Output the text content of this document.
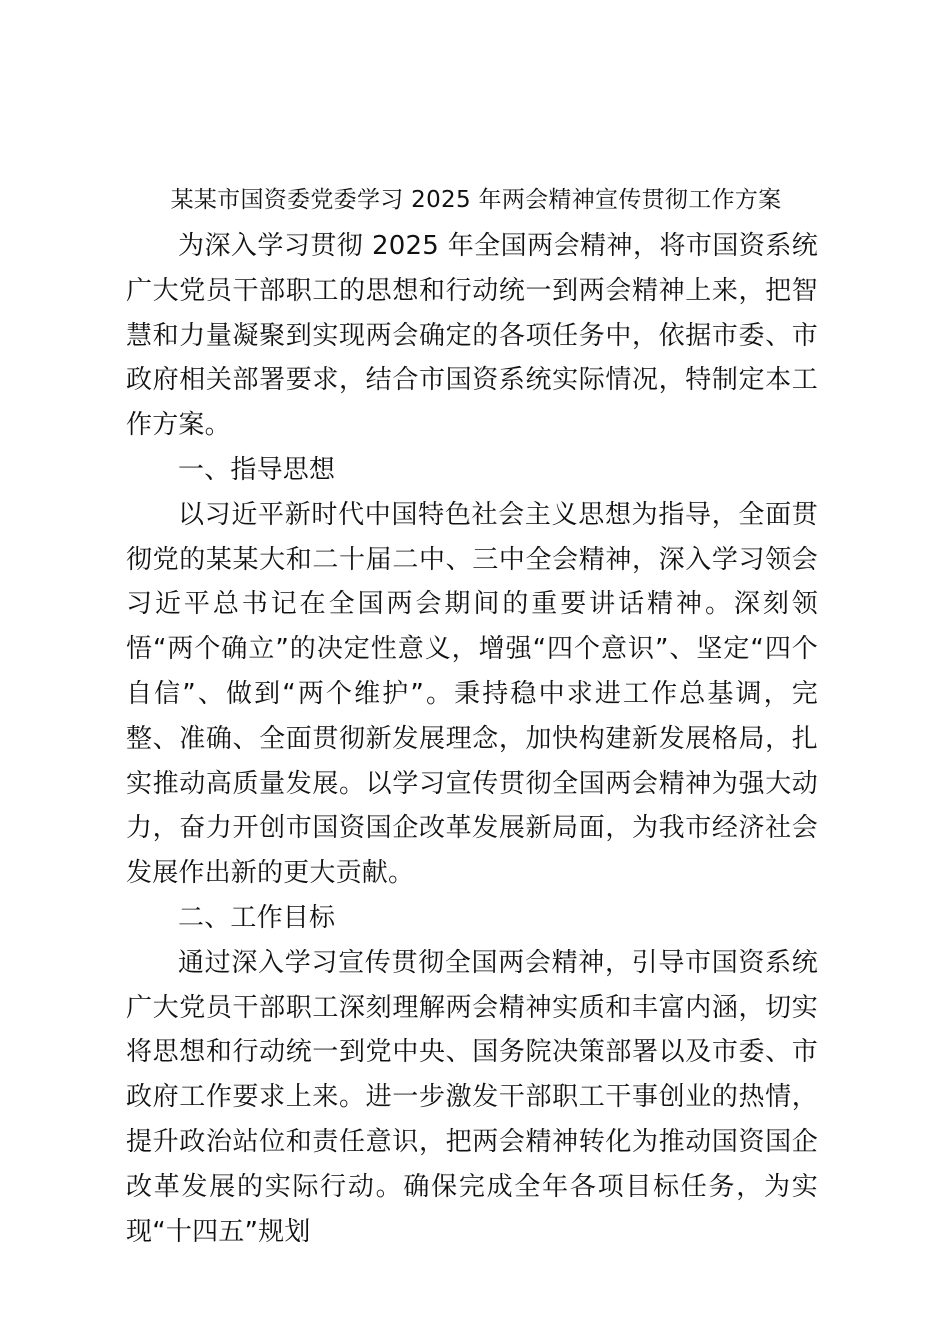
某某市国资委党委学习 2025 年两会精神宣传贯彻工作方案

为深入学习贯彻 2025 年全国两会精神，将市国资系统广大党员干部职工的思想和行动统一到两会精神上来，把智慧和力量凝聚到实现两会确定的各项任务中，依据市委、市政府相关部署要求，结合市国资系统实际情况，特制定本工作方案。

一、指导思想

以习近平新时代中国特色社会主义思想为指导，全面贯彻党的某某大和二十届二中、三中全会精神，深入学习领会习近平总书记在全国两会期间的重要讲话精神。深刻领悟“两个确立”的决定性意义，增强“四个意识”、坚定“四个自信”、做到“两个维护”。秉持稳中求进工作总基调，完整、准确、全面贯彻新发展理念，加快构建新发展格局，扎实推动高质量发展。以学习宣传贯彻全国两会精神为强大动力，奋力开创市国资国企改革发展新局面，为我市经济社会发展作出新的更大贡献。

二、工作目标

通过深入学习宣传贯彻全国两会精神，引导市国资系统广大党员干部职工深刻理解两会精神实质和丰富内涵，切实将思想和行动统一到党中央、国务院决策部署以及市委、市政府工作要求上来。进一步激发干部职工干事创业的热情，提升政治站位和责任意识，把两会精神转化为推动国资国企改革发展的实际行动。确保完成全年各项目标任务，为实现“十四五”规划
